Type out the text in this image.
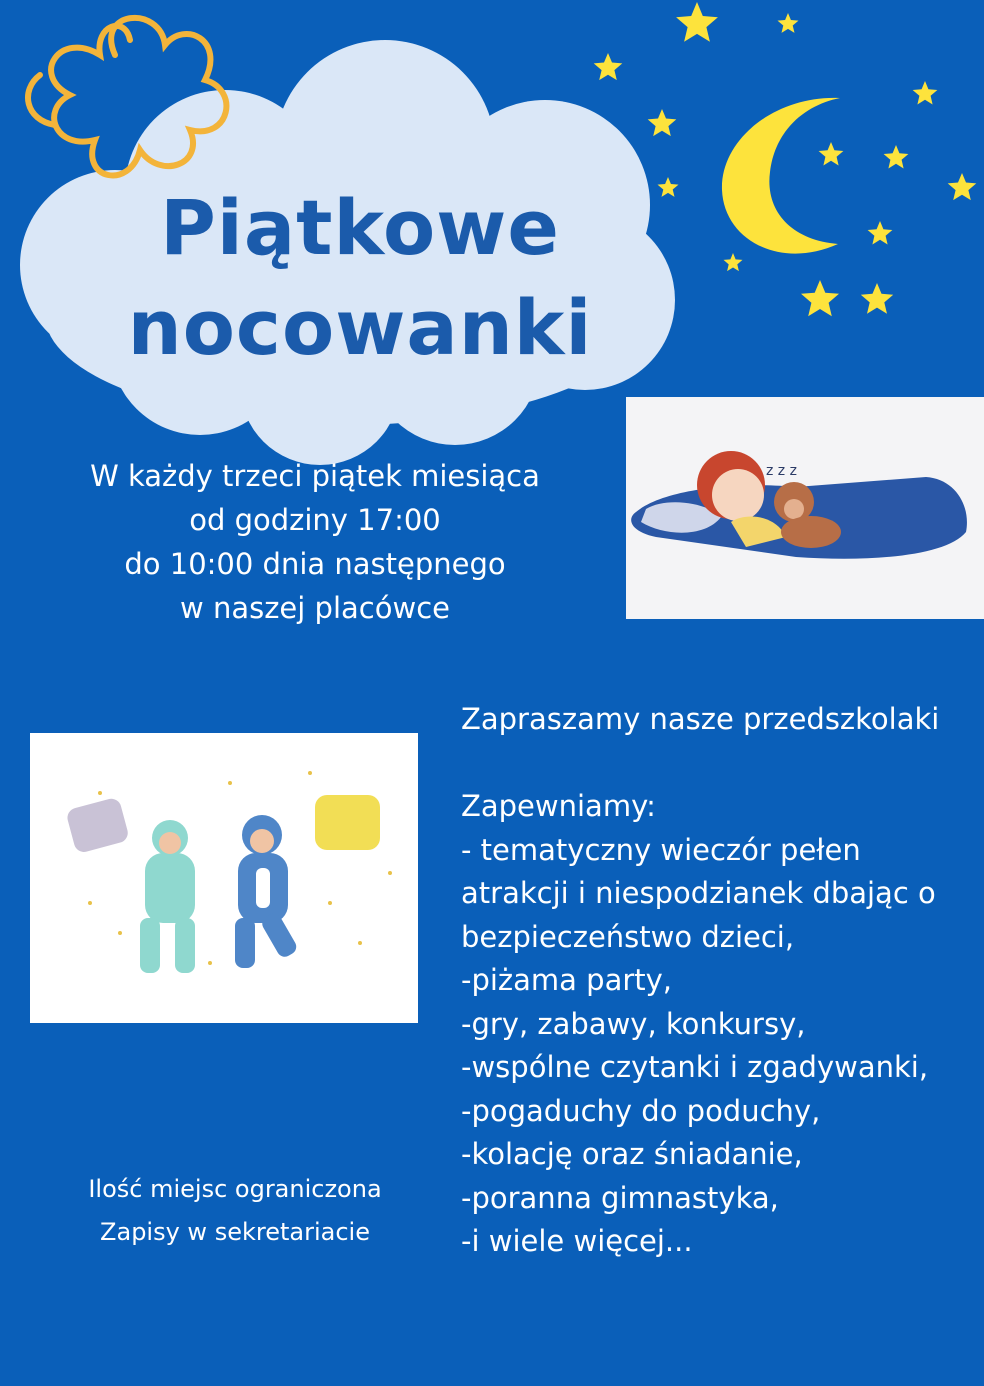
Piątkowe
nocowanki
W każdy trzeci piątek miesiąca
od godziny 17:00
do 10:00 dnia następnego
w naszej placówce
z z z
Zapraszamy nasze przedszkolaki
Zapewniamy:
- tematyczny wieczór pełen
atrakcji i niespodzianek dbając o
bezpieczeństwo dzieci,
-piżama party,
-gry, zabawy, konkursy,
-wspólne czytanki i zgadywanki,
-pogaduchy do poduchy,
-kolację oraz śniadanie,
-poranna gimnastyka,
-i wiele więcej...
Ilość miejsc ograniczona
Zapisy w sekretariacie
